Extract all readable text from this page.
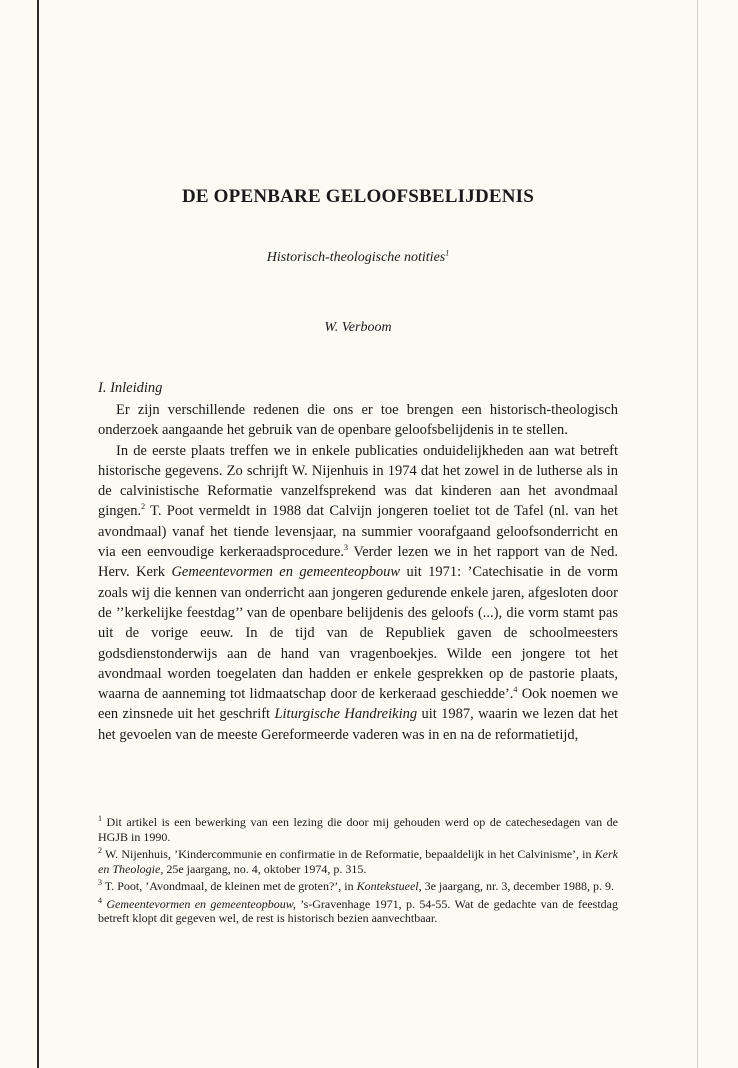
DE OPENBARE GELOOFSBELIJDENIS
Historisch-theologische notities$^1$
W. Verboom
I. Inleiding

Er zijn verschillende redenen die ons er toe brengen een historisch-theologisch onderzoek aangaande het gebruik van de openbare geloofsbelijdenis in te stellen.

In de eerste plaats treffen we in enkele publicaties onduidelijkheden aan wat betreft historische gegevens. Zo schrijft W. Nijenhuis in 1974 dat het zowel in de lutherse als in de calvinistische Reformatie vanzelfsprekend was dat kinderen aan het avondmaal gingen.$^2$ T. Poot vermeldt in 1988 dat Calvijn jongeren toeliet tot de Tafel (nl. van het avondmaal) vanaf het tiende levensjaar, na summier voorafgaand geloofsonderricht en via een eenvoudige kerkeraadsprocedure.$^3$ Verder lezen we in het rapport van de Ned. Herv. Kerk Gemeentevormen en gemeenteopbouw uit 1971: ’Catechisatie in de vorm zoals wij die kennen van onderricht aan jongeren gedurende enkele jaren, afgesloten door de ’’kerkelijke feestdag’’ van de openbare belijdenis des geloofs (...), die vorm stamt pas uit de vorige eeuw. In de tijd van de Republiek gaven de schoolmeesters godsdienstonderwijs aan de hand van vragenboekjes. Wilde een jongere tot het avondmaal worden toegelaten dan hadden er enkele gesprekken op de pastorie plaats, waarna de aanneming tot lidmaatschap door de kerkeraad geschiedde’.$^4$ Ook noemen we een zinsnede uit het geschrift Liturgische Handreiking uit 1987, waarin we lezen dat het het gevoelen van de meeste Gereformeerde vaderen was in en na de reformatietijd,

$^1$ Dit artikel is een bewerking van een lezing die door mij gehouden werd op de catechesedagen van de HGJB in 1990.

$^2$ W. Nijenhuis, ’Kindercommunie en confirmatie in de Reformatie, bepaaldelijk in het Calvinisme’, in Kerk en Theologie, 25e jaargang, no. 4, oktober 1974, p. 315.

$^3$ T. Poot, ’Avondmaal, de kleinen met de groten?’, in Kontekstueel, 3e jaargang, nr. 3, december 1988, p. 9.

$^4$ Gemeentevormen en gemeenteopbouw, ’s-Gravenhage 1971, p. 54-55. Wat de gedachte van de feestdag betreft klopt dit gegeven wel, de rest is historisch bezien aanvechtbaar.
